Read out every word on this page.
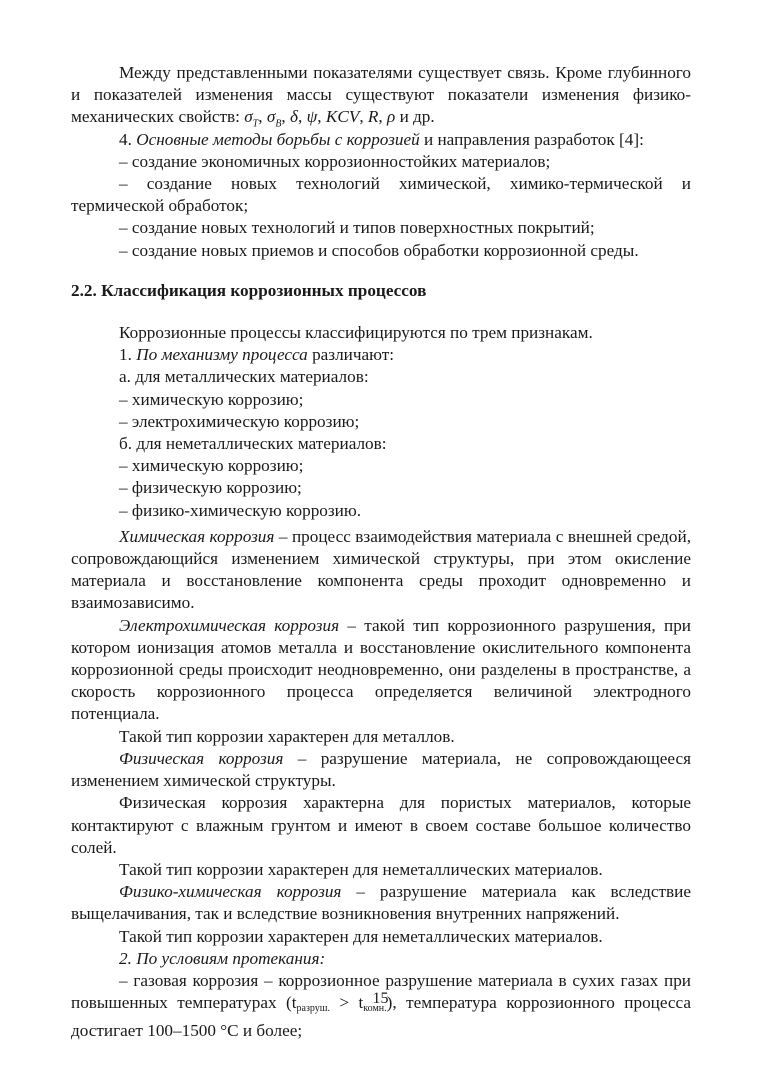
Между представленными показателями существует связь. Кроме глубинного и показателей изменения массы существуют показатели изменения физико-механических свойств: $\sigma_T$, $\sigma_B$, δ, ψ, KCV, R, ρ и др.

4. Основные методы борьбы с коррозией и направления разработок [4]:

– создание экономичных коррозионностойких материалов;

– создание новых технологий химической, химико-термической и термической обработок;

– создание новых технологий и типов поверхностных покрытий;

– создание новых приемов и способов обработки коррозионной среды.

2.2. Классификация коррозионных процессов

Коррозионные процессы классифицируются по трем признакам.

1. По механизму процесса различают:

а. для металлических материалов:

– химическую коррозию;

– электрохимическую коррозию;

б. для неметаллических материалов:

– химическую коррозию;

– физическую коррозию;

– физико-химическую коррозию.

Химическая коррозия – процесс взаимодействия материала с внешней средой, сопровождающийся изменением химической структуры, при этом окисление материала и восстановление компонента среды проходит одновременно и взаимозависимо.

Электрохимическая коррозия – такой тип коррозионного разрушения, при котором ионизация атомов металла и восстановление окислительного компонента коррозионной среды происходит неодновременно, они разделены в пространстве, а скорость коррозионного процесса определяется величиной электродного потенциала.

Такой тип коррозии характерен для металлов.

Физическая коррозия – разрушение материала, не сопровождающееся изменением химической структуры.

Физическая коррозия характерна для пористых материалов, которые контактируют с влажным грунтом и имеют в своем составе большое количество солей.

Такой тип коррозии характерен для неметаллических материалов.

Физико-химическая коррозия – разрушение материала как вследствие выщелачивания, так и вследствие возникновения внутренних напряжений.

Такой тип коррозии характерен для неметаллических материалов.

2. По условиям протекания:

– газовая коррозия – коррозионное разрушение материала в сухих газах при повышенных температурах (tразруш. > tкомн.), температура коррозионного процесса достигает 100–1500 °С и более;

15
